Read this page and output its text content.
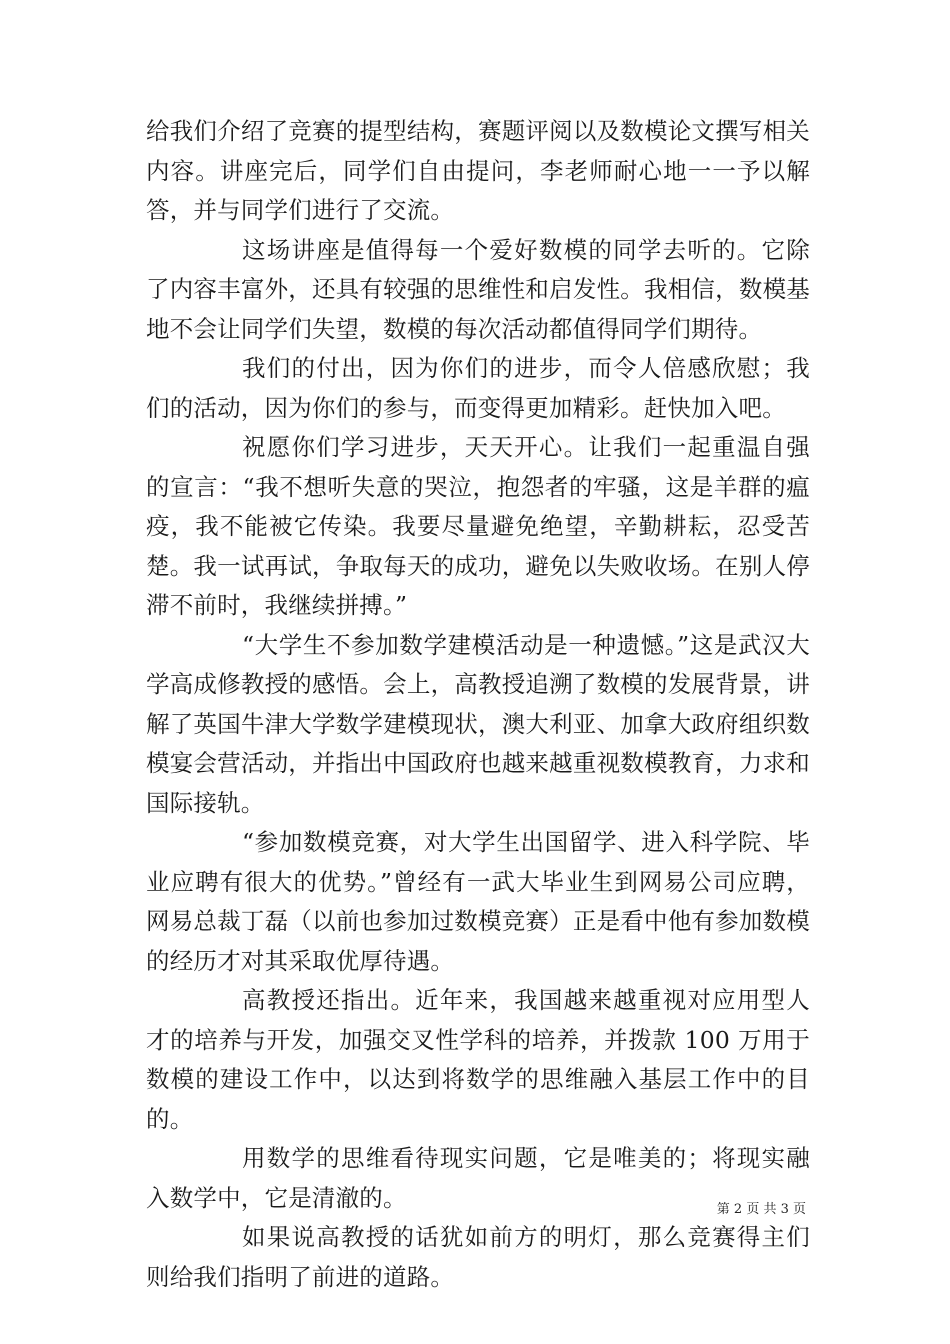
给我们介绍了竞赛的提型结构，赛题评阅以及数模论文撰写相关内容。讲座完后，同学们自由提问，李老师耐心地一一予以解答，并与同学们进行了交流。

这场讲座是值得每一个爱好数模的同学去听的。它除了内容丰富外，还具有较强的思维性和启发性。我相信，数模基地不会让同学们失望，数模的每次活动都值得同学们期待。

我们的付出，因为你们的进步，而令人倍感欣慰；我们的活动，因为你们的参与，而变得更加精彩。赶快加入吧。

祝愿你们学习进步，天天开心。让我们一起重温自强的宣言：“我不想听失意的哭泣，抱怨者的牢骚，这是羊群的瘟疫，我不能被它传染。我要尽量避免绝望，辛勤耕耘，忍受苦楚。我一试再试，争取每天的成功，避免以失败收场。在别人停滞不前时，我继续拼搏。”

“大学生不参加数学建模活动是一种遗憾。”这是武汉大学高成修教授的感悟。会上，高教授追溯了数模的发展背景，讲解了英国牛津大学数学建模现状，澳大利亚、加拿大政府组织数模宴会营活动，并指出中国政府也越来越重视数模教育，力求和国际接轨。

“参加数模竞赛，对大学生出国留学、进入科学院、毕业应聘有很大的优势。”曾经有一武大毕业生到网易公司应聘，网易总裁丁磊（以前也参加过数模竞赛）正是看中他有参加数模的经历才对其采取优厚待遇。

高教授还指出。近年来，我国越来越重视对应用型人才的培养与开发，加强交叉性学科的培养，并拨款 100 万用于数模的建设工作中，以达到将数学的思维融入基层工作中的目的。

用数学的思维看待现实问题，它是唯美的；将现实融入数学中，它是清澈的。

如果说高教授的话犹如前方的明灯，那么竞赛得主们则给我们指明了前进的道路。

第 2 页 共 3 页
